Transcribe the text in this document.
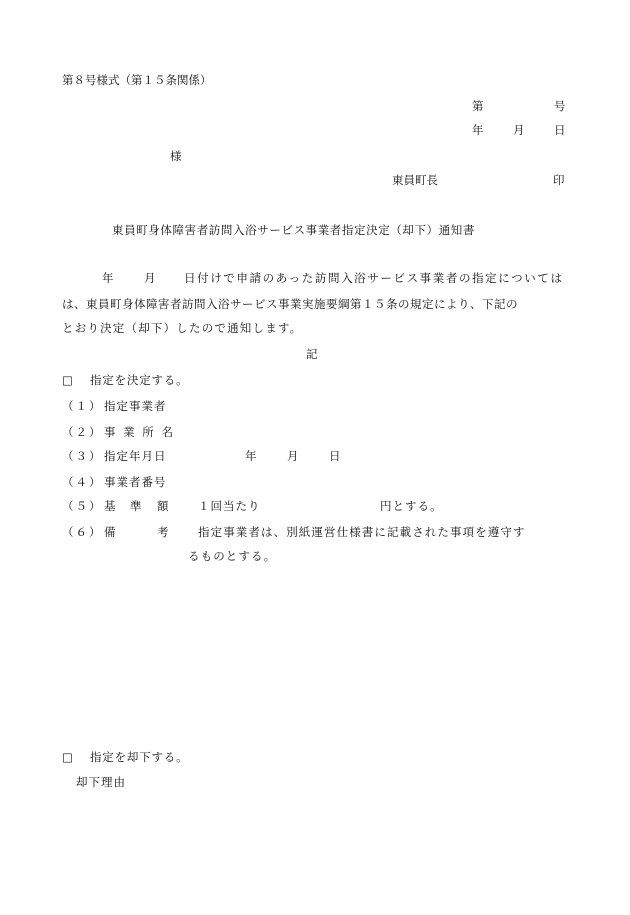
第８号様式（第１５条関係）
第	号
年	月	日
様
東員町長	印
東員町身体障害者訪問入浴サービス事業者指定決定（却下）通知書
年	月 日付けで申請のあった訪問入浴サービス事業者の指定については
は、東員町身体障害者訪問入浴サービス事業実施要綱第１５条の規定により、下記の
とおり決定（却下）したので通知します。
記
□ 指定を決定する。
（１） 指定事業者
（２） 事 業 所 名
（３） 指定年月日	年	月	日
（４） 事業者番号
（５） 基 準 額	１回当たり	円とする。
（６） 備	考	指定事業者は、別紙運営仕様書に記載された事項を遵守す
るものとする。
□ 指定を却下する。
却下理由
